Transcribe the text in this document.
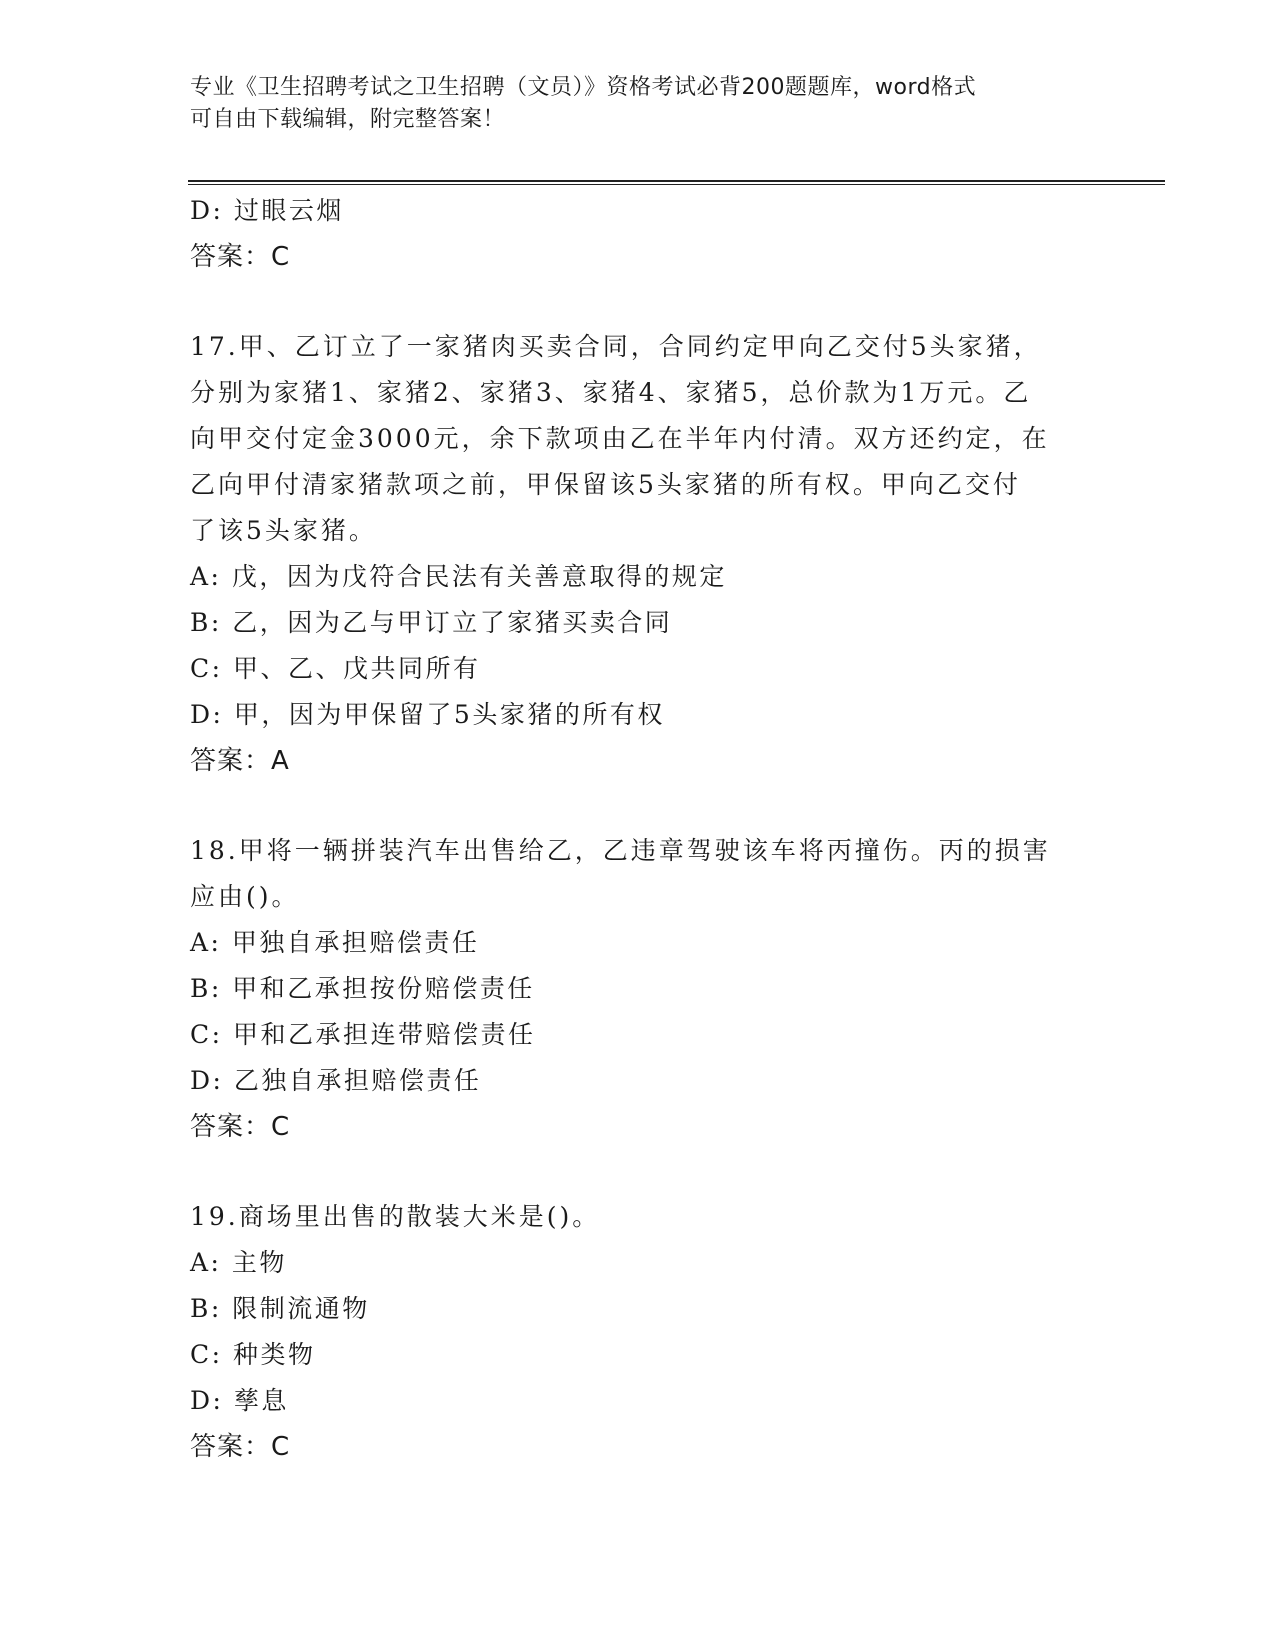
专业《卫生招聘考试之卫生招聘（文员）》资格考试必背200题题库，word格式
可自由下载编辑，附完整答案！
D: 过眼云烟
答案：C
17.甲、乙订立了一家猪肉买卖合同，合同约定甲向乙交付5头家猪，
分别为家猪1、家猪2、家猪3、家猪4、家猪5，总价款为1万元。乙
向甲交付定金3000元，余下款项由乙在半年内付清。双方还约定，在
乙向甲付清家猪款项之前，甲保留该5头家猪的所有权。甲向乙交付
了该5头家猪。
A: 戊，因为戊符合民法有关善意取得的规定
B: 乙，因为乙与甲订立了家猪买卖合同
C: 甲、乙、戊共同所有
D: 甲，因为甲保留了5头家猪的所有权
答案：A
18.甲将一辆拼装汽车出售给乙，乙违章驾驶该车将丙撞伤。丙的损害
应由()。
A: 甲独自承担赔偿责任
B: 甲和乙承担按份赔偿责任
C: 甲和乙承担连带赔偿责任
D: 乙独自承担赔偿责任
答案：C
19.商场里出售的散装大米是()。
A: 主物
B: 限制流通物
C: 种类物
D: 孳息
答案：C
